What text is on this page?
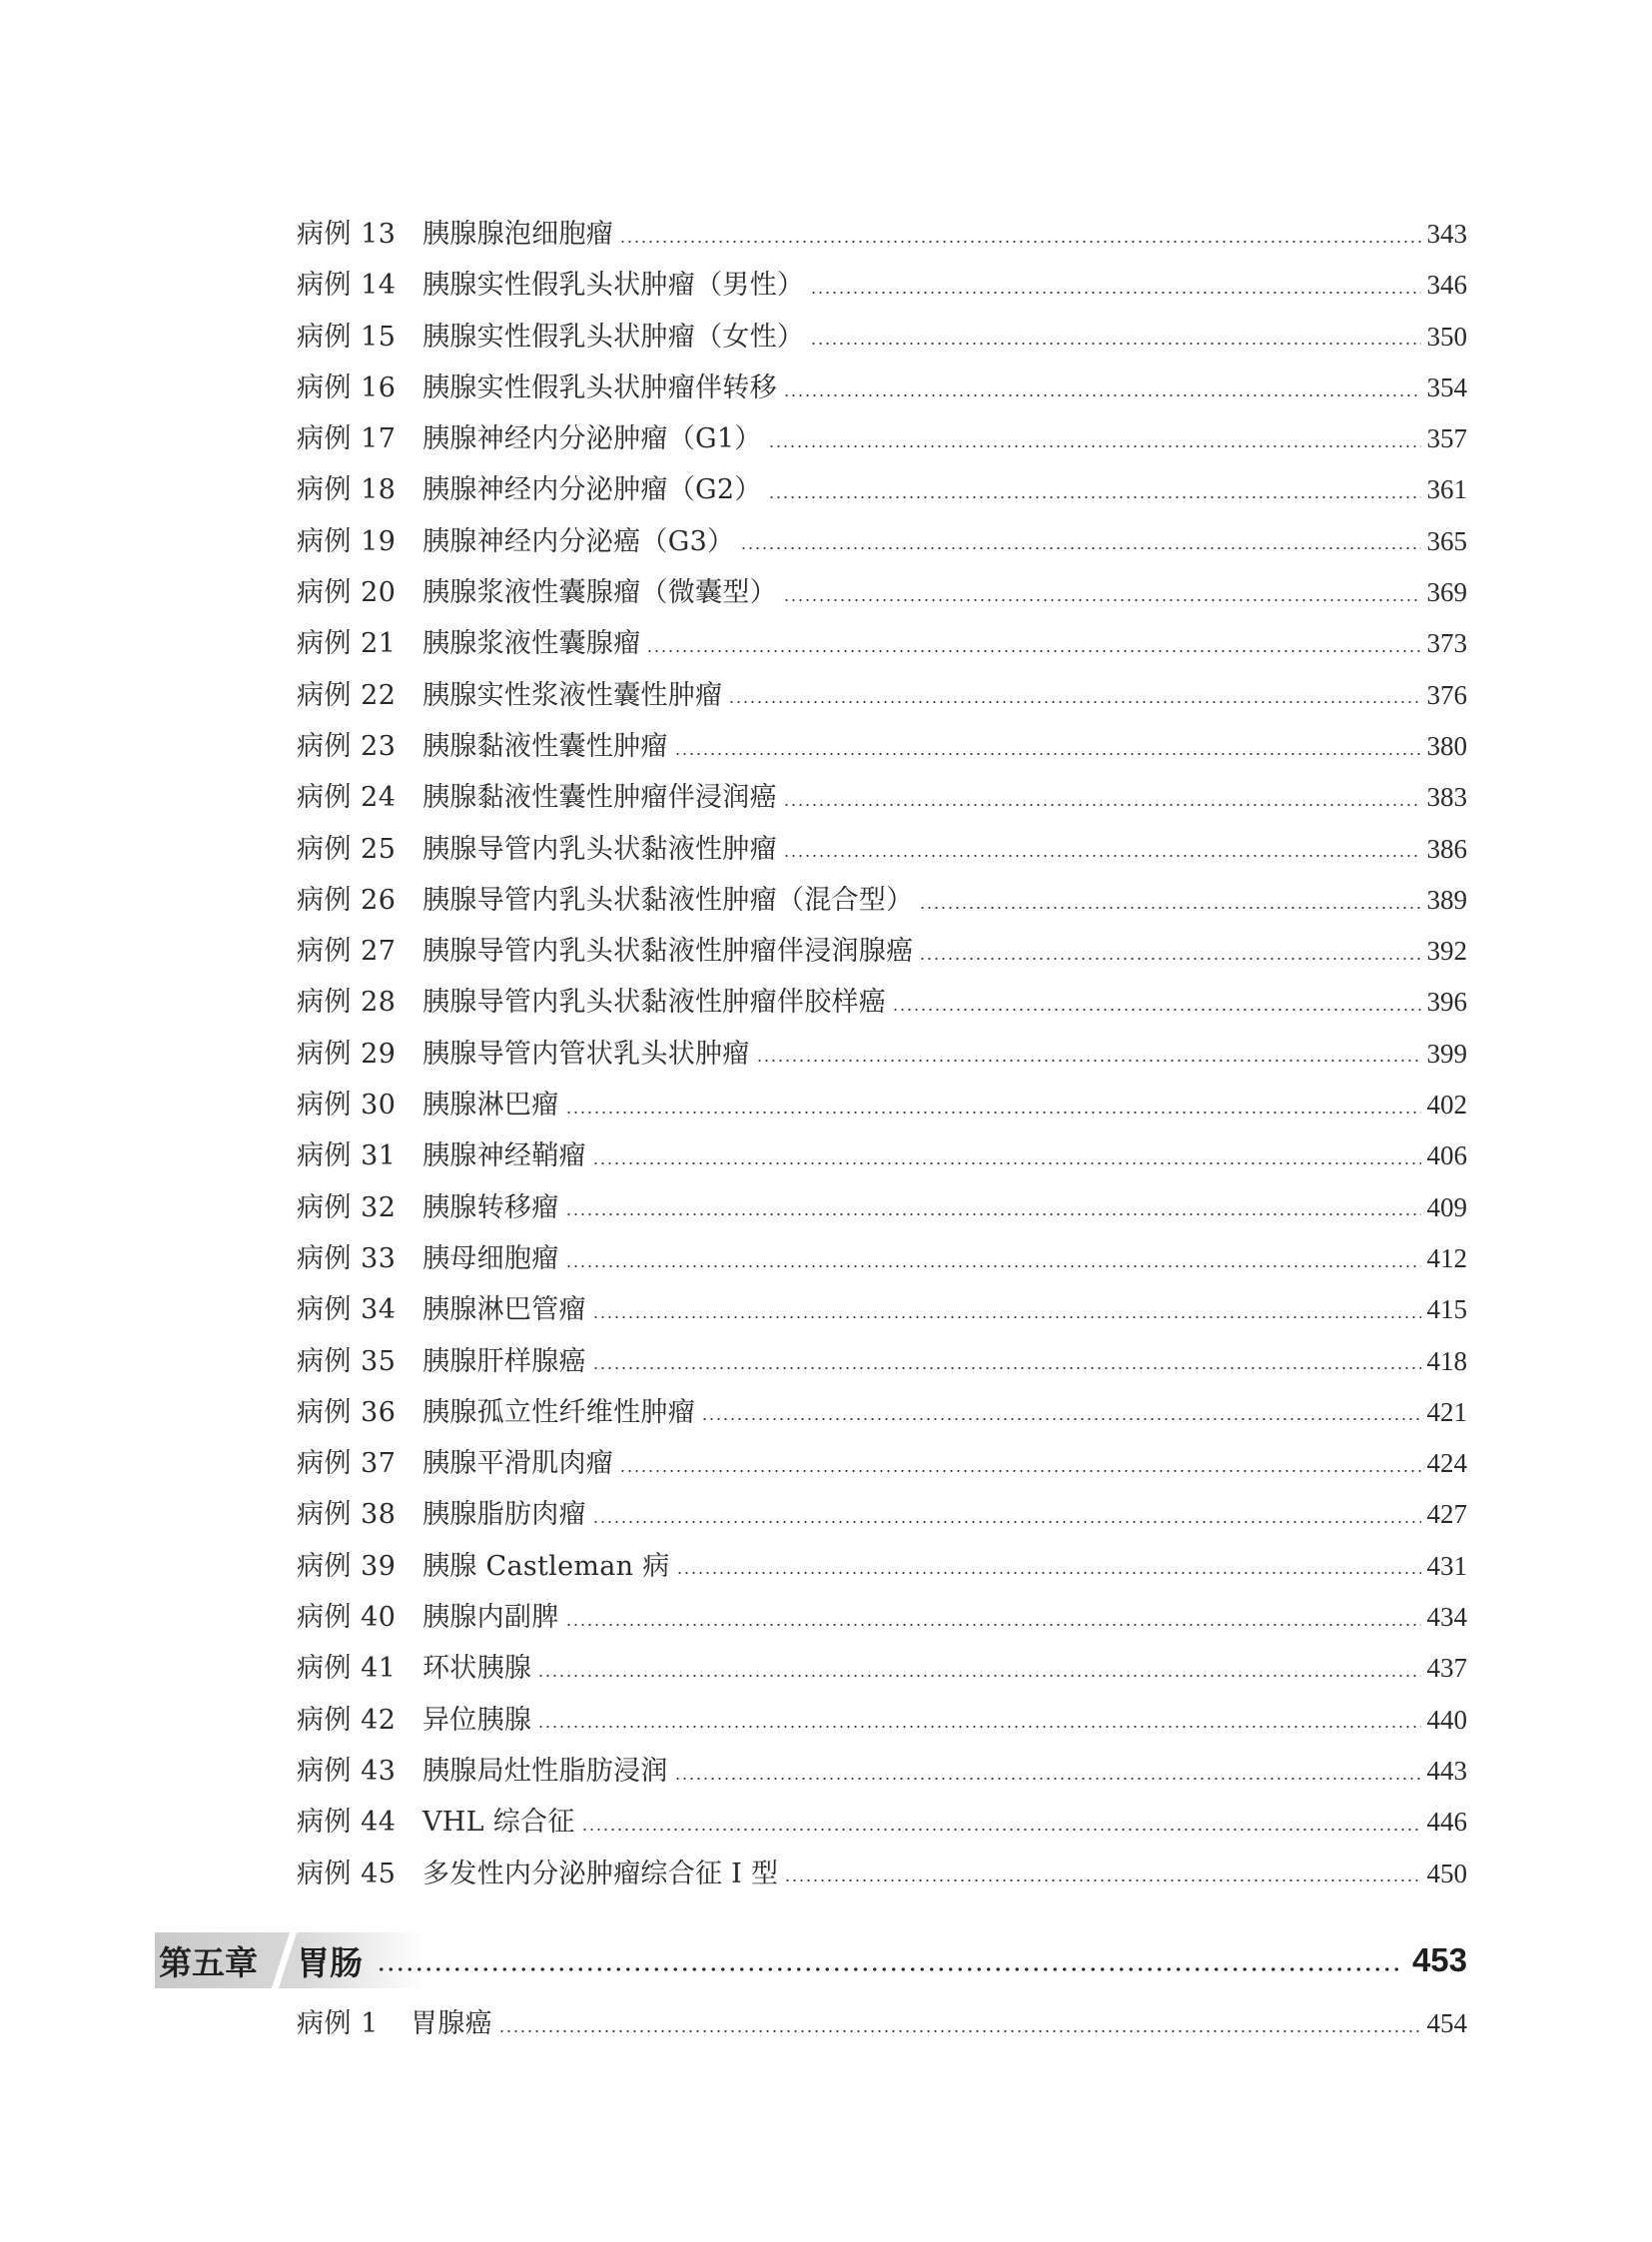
病例 13 胰腺腺泡细胞瘤	343
病例 14 胰腺实性假乳头状肿瘤（男性）	346
病例 15 胰腺实性假乳头状肿瘤（女性）	350
病例 16 胰腺实性假乳头状肿瘤伴转移	354
病例 17 胰腺神经内分泌肿瘤（G1）	357
病例 18 胰腺神经内分泌肿瘤（G2）	361
病例 19 胰腺神经内分泌癌（G3）	365
病例 20 胰腺浆液性囊腺瘤（微囊型）	369
病例 21 胰腺浆液性囊腺瘤	373
病例 22 胰腺实性浆液性囊性肿瘤	376
病例 23 胰腺黏液性囊性肿瘤	380
病例 24 胰腺黏液性囊性肿瘤伴浸润癌	383
病例 25 胰腺导管内乳头状黏液性肿瘤	386
病例 26 胰腺导管内乳头状黏液性肿瘤（混合型）	389
病例 27 胰腺导管内乳头状黏液性肿瘤伴浸润腺癌	392
病例 28 胰腺导管内乳头状黏液性肿瘤伴胶样癌	396
病例 29 胰腺导管内管状乳头状肿瘤	399
病例 30 胰腺淋巴瘤	402
病例 31 胰腺神经鞘瘤	406
病例 32 胰腺转移瘤	409
病例 33 胰母细胞瘤	412
病例 34 胰腺淋巴管瘤	415
病例 35 胰腺肝样腺癌	418
病例 36 胰腺孤立性纤维性肿瘤	421
病例 37 胰腺平滑肌肉瘤	424
病例 38 胰腺脂肪肉瘤	427
病例 39 胰腺 Castleman 病	431
病例 40 胰腺内副脾	434
病例 41 环状胰腺	437
病例 42 异位胰腺	440
病例 43 胰腺局灶性脂肪浸润	443
病例 44 VHL 综合征	446
病例 45 多发性内分泌肿瘤综合征 I 型	450
第五章	胃肠	453
病例 1	胃腺癌	454
